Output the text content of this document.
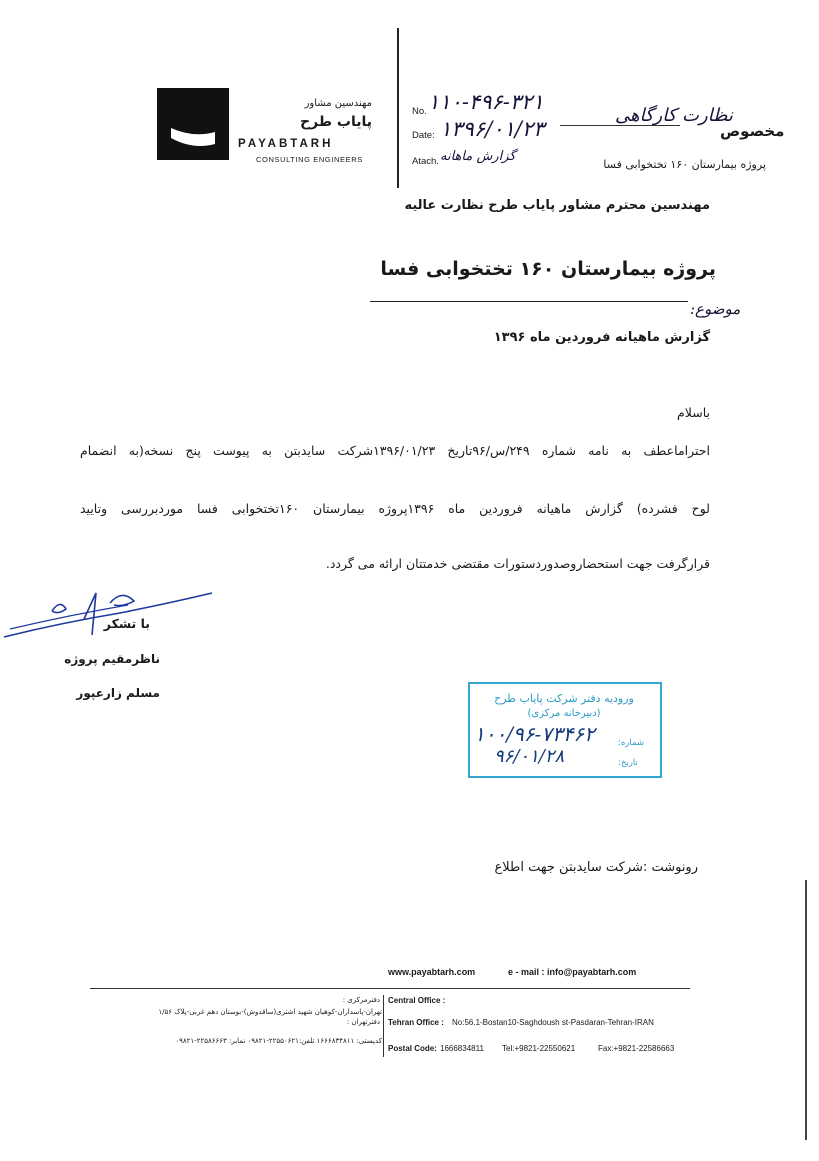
مهندسین مشاور
پایاب طرح
PAYABTARH
CONSULTING ENGINEERS
No. ۱۱۰-۴۹۶-۳۲۱
Date: ۱۳۹۶/۰۱/۲۳
Atach. گزارش ماهانه
مخصوص
نظارت کارگاهی
پروژه بیمارستان ۱۶۰ تختخوابی فسا
مهندسین محترم مشاور پایاب طرح نظارت عالیه
پروژه بیمارستان ۱۶۰ تختخوابی فسا
موضوع:
گزارش ماهیانه فروردین ماه ۱۳۹۶
باسلام
احتراماعطف به نامه شماره ۲۴۹/س/۹۶تاریخ ۱۳۹۶/۰۱/۲۳شرکت سایدبتن به پیوست پنج نسخه(به انضمام
لوح فشرده) گزارش ماهیانه فروردین ماه ۱۳۹۶پروژه بیمارستان ۱۶۰تختخوابی فسا موردبررسی وتایید
قرارگرفت جهت استحضاروصدوردستورات مقتضی خدمتتان ارائه می گردد.
با تشکر
ناظرمقیم پروژه
مسلم زارعپور	ورودیه دفتر شرکت پایاب طرح
(دبیرخانه مرکزی)
شماره:
۱۰۰/۹۶-۷۳۴۶۲
تاریخ:
۹۶/۰۱/۲۸
رونوشت :شرکت سایدبتن جهت اطلاع
www.payabtarh.com	e - mail : info@payabtarh.com
Central Office :
Tehran Office : No:56.1-Bostan10-Saghdoush st-Pasdaran-Tehran-IRAN
Postal Code: 1666834811 Tel:+9821-22550621	Fax:+9821-22586663
دفترمرکزی :
تهران-پاسداران-کوهیان شهید اشتری(ساقدوش)-بوستان دهم غربی-پلاک ۱/۵۶
دفترتهران :
کدپستی: ۱۶۶۶۸۳۴۸۱۱ تلفن:۲۲۵۵۰۶۲۱-۰۹۸۲۱ نمابر: ۲۲۵۸۶۶۶۳-۰۹۸۲۱
